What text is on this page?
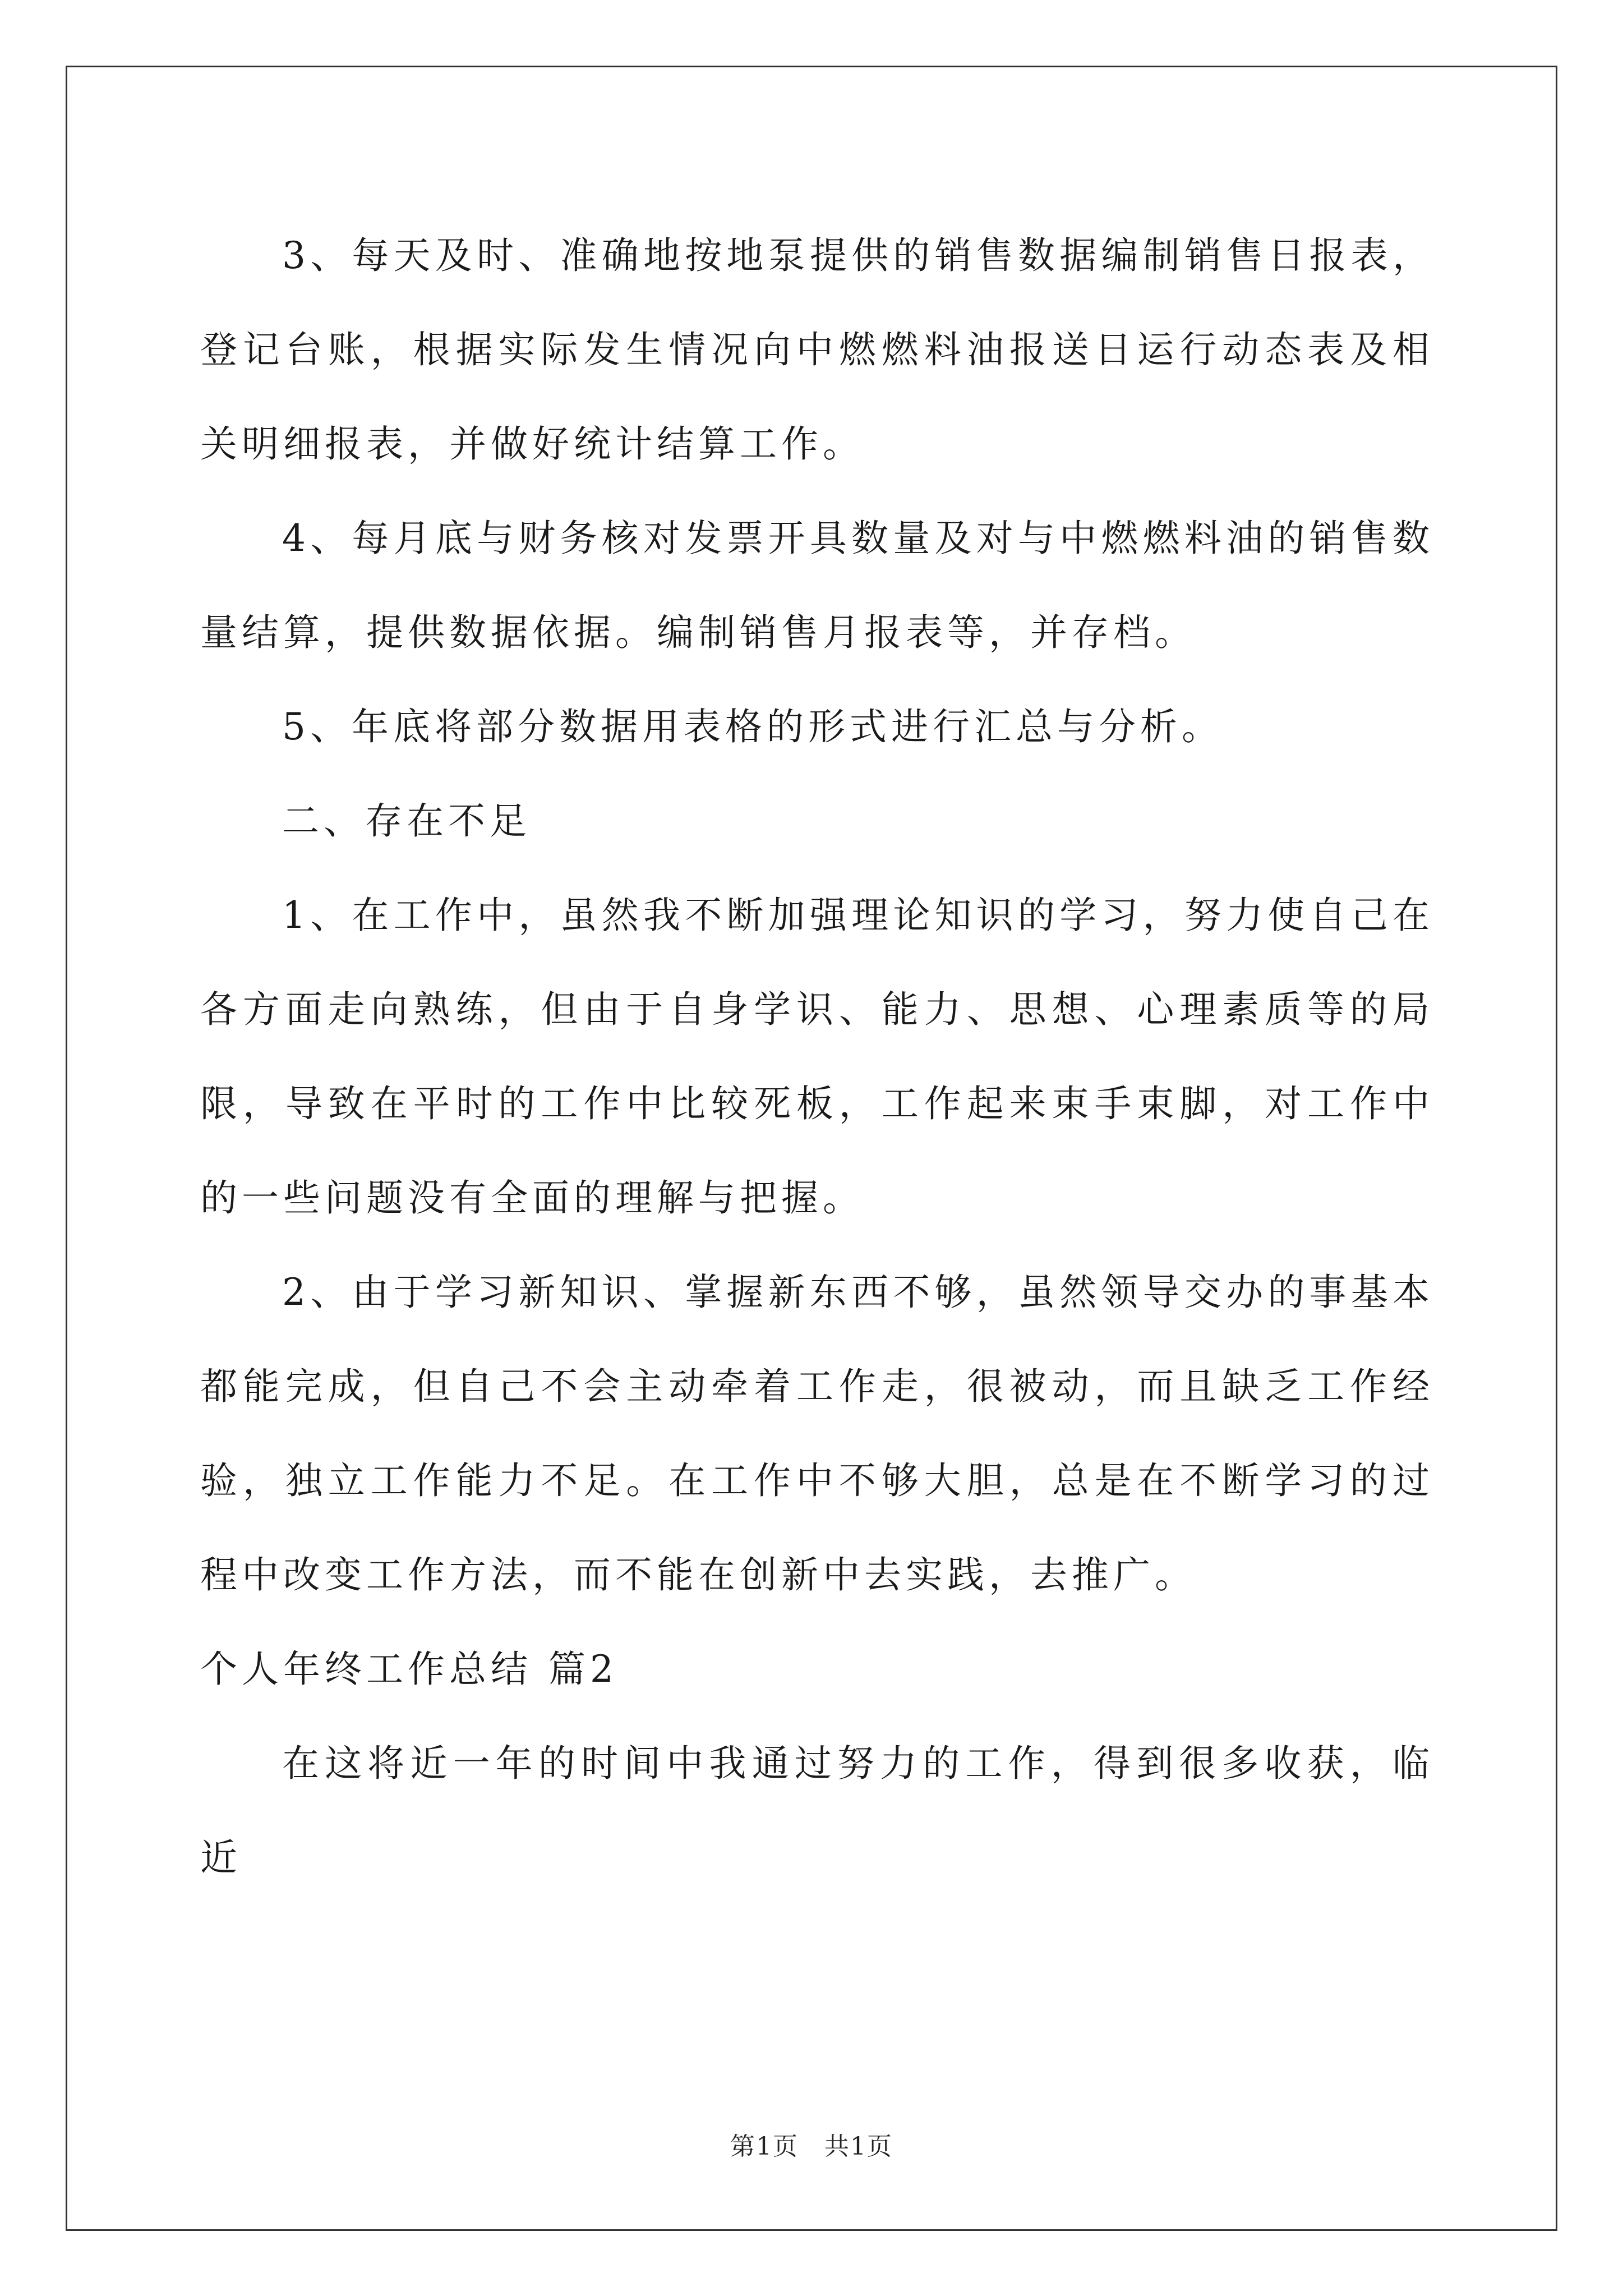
3、每天及时、准确地按地泵提供的销售数据编制销售日报表，登记台账，根据实际发生情况向中燃燃料油报送日运行动态表及相关明细报表，并做好统计结算工作。

4、每月底与财务核对发票开具数量及对与中燃燃料油的销售数量结算，提供数据依据。编制销售月报表等，并存档。

5、年底将部分数据用表格的形式进行汇总与分析。

二、存在不足

1、在工作中，虽然我不断加强理论知识的学习，努力使自己在各方面走向熟练，但由于自身学识、能力、思想、心理素质等的局限，导致在平时的工作中比较死板，工作起来束手束脚，对工作中的一些问题没有全面的理解与把握。

2、由于学习新知识、掌握新东西不够，虽然领导交办的事基本都能完成，但自己不会主动牵着工作走，很被动，而且缺乏工作经验，独立工作能力不足。在工作中不够大胆，总是在不断学习的过程中改变工作方法，而不能在创新中去实践，去推广。

个人年终工作总结 篇2

在这将近一年的时间中我通过努力的工作，得到很多收获，临近

第1页　共1页
